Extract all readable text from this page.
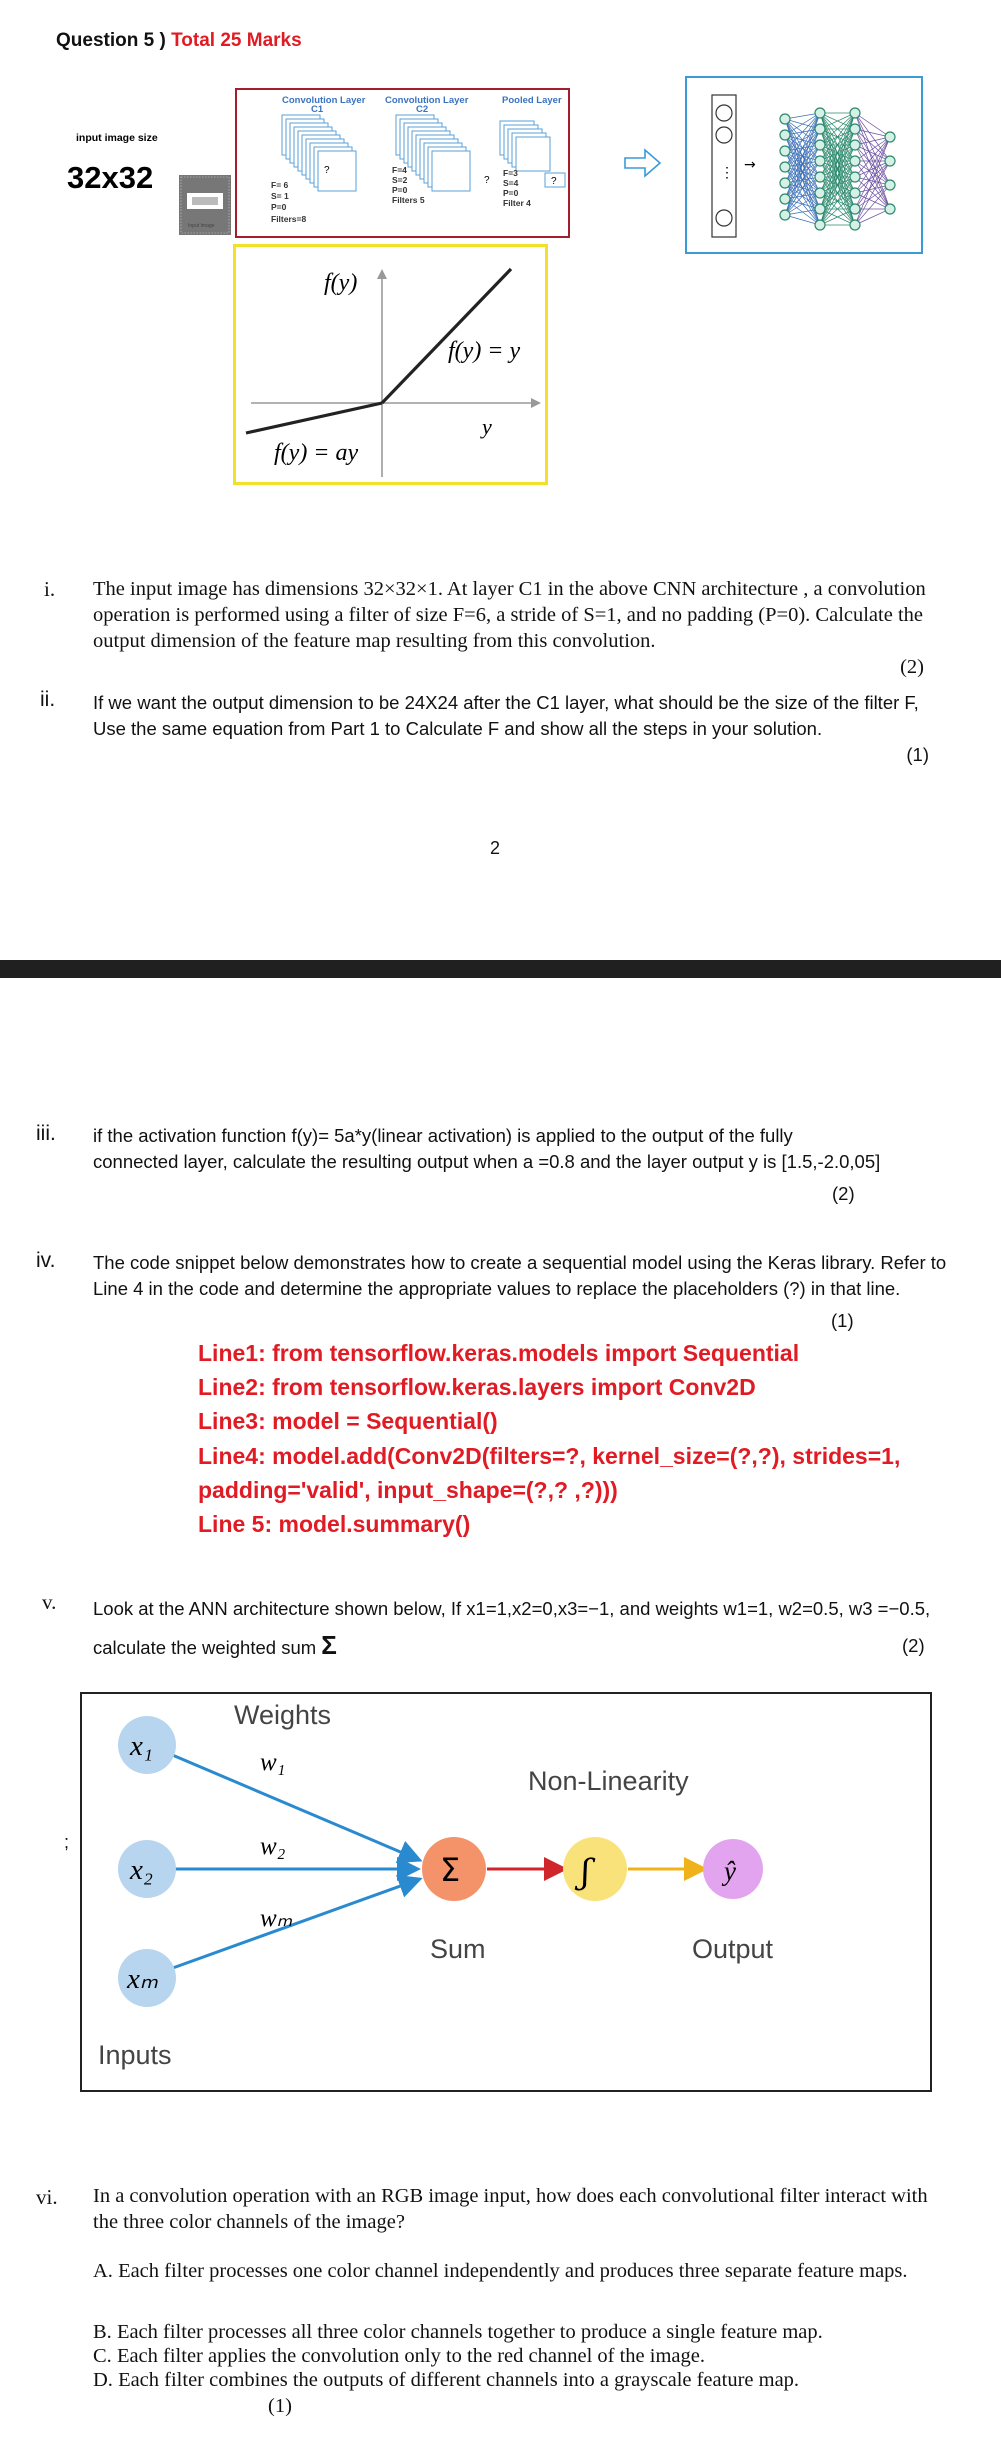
Question 5 ) Total 25 Marks
input image size
32x32
Input Image
Convolution Layer
C1
Convolution Layer
C2
Pooled Layer
?
?	?
F= 6
S= 1
P=0
Filters=8
F=4
S=2
P=0
Filters 5
F=3
S=4
P=0
Filter 4
⋮ →
f(y)
f(y) = y
y
f(y) = ay
i. The input image has dimensions 32×32×1. At layer C1 in the above CNN architecture , a convolution operation is performed using a filter of size F=6, a stride of S=1, and no padding (P=0). Calculate the output dimension of the feature map resulting from this convolution.
(2)
ii. If we want the output dimension to be 24X24 after the C1 layer, what should be the size of the filter F, Use the same equation from Part 1 to Calculate F and show all the steps in your solution.
(1)
2
iii. if the activation function f(y)= 5a*y(linear activation) is applied to the output of the fully connected layer, calculate the resulting output when a =0.8 and the layer output y is [1.5,-2.0,05]
(2)
iv. The code snippet below demonstrates how to create a sequential model using the Keras library. Refer to Line 4 in the code and determine the appropriate values to replace the placeholders (?) in that line.
(1)
Line1: from tensorflow.keras.models import Sequential
Line2: from tensorflow.keras.layers import Conv2D
Line3: model = Sequential()
Line4: model.add(Conv2D(filters=?, kernel_size=(?,?), strides=1,
padding='valid', input_shape=(?,? ,?)))
Line 5: model.summary()
v. Look at the ANN architecture shown below, If x1=1,x2=0,x3=−1, and weights w1=1, w2=0.5, w3 =−0.5, calculate the weighted sum Σ	(2)
;
Weights
x₁
x₂
xₘ
w₁
w₂
wₘ
Non-Linearity
Σ	ʃ	ŷ
Sum	Output
Inputs
vi. In a convolution operation with an RGB image input, how does each convolutional filter interact with the three color channels of the image?
A. Each filter processes one color channel independently and produces three separate feature maps.
B. Each filter processes all three color channels together to produce a single feature map.
C. Each filter applies the convolution only to the red channel of the image.
D. Each filter combines the outputs of different channels into a grayscale feature map.
(1)
